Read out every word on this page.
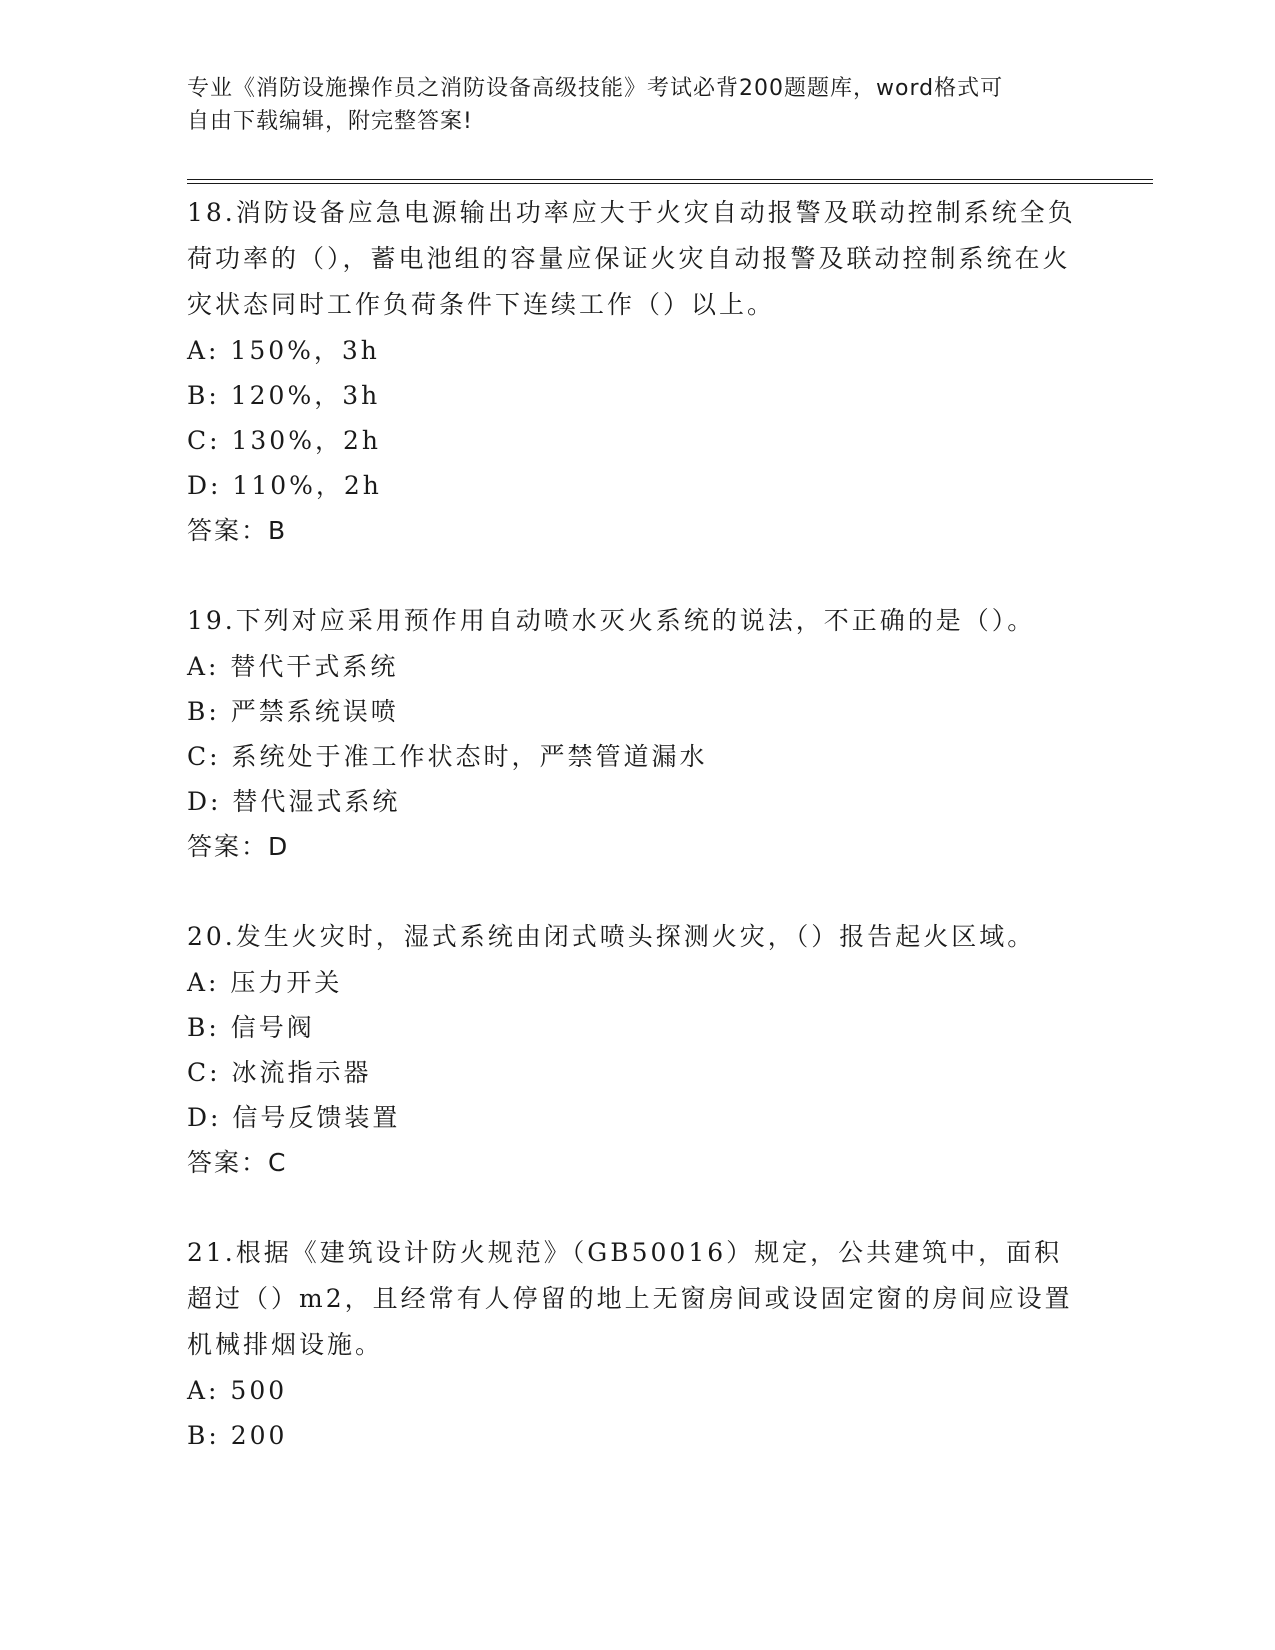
专业《消防设施操作员之消防设备高级技能》考试必背200题题库，word格式可
自由下载编辑，附完整答案!

18.消防设备应急电源输出功率应大于火灾自动报警及联动控制系统全负荷功率的（），蓄电池组的容量应保证火灾自动报警及联动控制系统在火灾状态同时工作负荷条件下连续工作（）以上。

A: 150%，3h

B: 120%，3h

C: 130%，2h

D: 110%，2h

答案：B

19.下列对应采用预作用自动喷水灭火系统的说法，不正确的是（）。

A: 替代干式系统

B: 严禁系统误喷

C: 系统处于准工作状态时，严禁管道漏水

D: 替代湿式系统

答案：D

20.发生火灾时，湿式系统由闭式喷头探测火灾，（）报告起火区域。

A: 压力开关

B: 信号阀

C: 冰流指示器

D: 信号反馈装置

答案：C

21.根据《建筑设计防火规范》（GB50016）规定，公共建筑中，面积超过（）m2，且经常有人停留的地上无窗房间或设固定窗的房间应设置机械排烟设施。

A: 500

B: 200
